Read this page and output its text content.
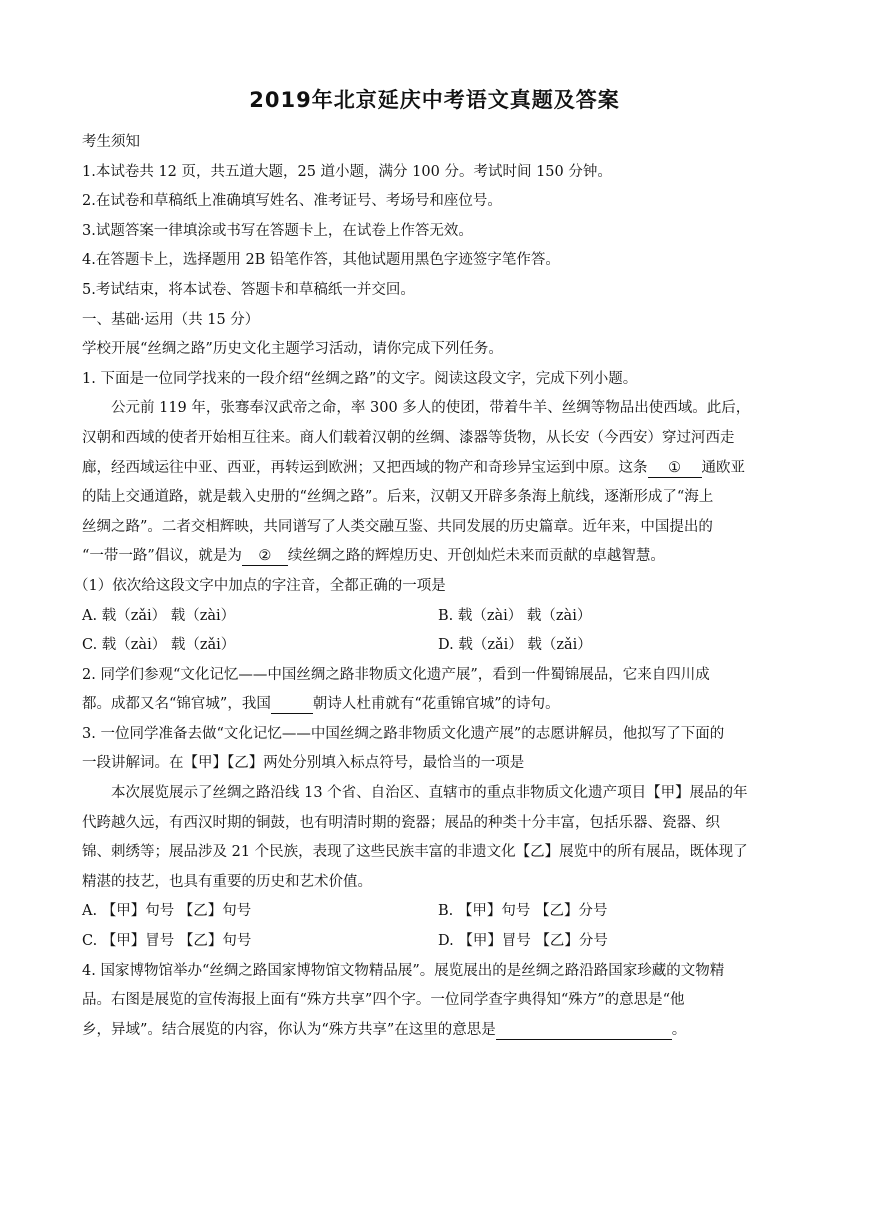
2019年北京延庆中考语文真题及答案
考生须知
1.本试卷共 12 页，共五道大题，25 道小题，满分 100 分。考试时间 150 分钟。
2.在试卷和草稿纸上准确填写姓名、准考证号、考场号和座位号。
3.试题答案一律填涂或书写在答题卡上，在试卷上作答无效。
4.在答题卡上，选择题用 2B 铅笔作答，其他试题用黑色字迹签字笔作答。
5.考试结束，将本试卷、答题卡和草稿纸一并交回。
一、基础·运用（共 15 分）
学校开展“丝绸之路”历史文化主题学习活动，请你完成下列任务。
1. 下面是一位同学找来的一段介绍“丝绸之路”的文字。阅读这段文字，完成下列小题。
公元前 119 年，张骞奉汉武帝之命，率 300 多人的使团，带着牛羊、丝绸等物品出使西域。此后，
汉朝和西域的使者开始相互往来。商人们载着汉朝的丝绸、漆器等货物，从长安（今西安）穿过河西走
廊，经西域运往中亚、西亚，再转运到欧洲；又把西域的物产和奇珍异宝运到中原。这条 ① 通欧亚
的陆上交通道路，就是载入史册的“丝绸之路”。后来，汉朝又开辟多条海上航线，逐渐形成了“海上
丝绸之路”。二者交相辉映，共同谱写了人类交融互鉴、共同发展的历史篇章。近年来，中国提出的
“一带一路”倡议，就是为 ② 续丝绸之路的辉煌历史、开创灿烂未来而贡献的卓越智慧。
（1）依次给这段文字中加点的字注音，全都正确的一项是
A. 载（zǎi） 载（zài）	B. 载（zài） 载（zài）
C. 载（zài） 载（zǎi）	D. 载（zǎi） 载（zǎi）
2. 同学们参观“文化记忆——中国丝绸之路非物质文化遗产展”，看到一件蜀锦展品，它来自四川成
都。成都又名“锦官城”，我国	朝诗人杜甫就有“花重锦官城”的诗句。
3. 一位同学准备去做“文化记忆——中国丝绸之路非物质文化遗产展”的志愿讲解员，他拟写了下面的
一段讲解词。在【甲】【乙】两处分别填入标点符号，最恰当的一项是
本次展览展示了丝绸之路沿线 13 个省、自治区、直辖市的重点非物质文化遗产项目【甲】展品的年
代跨越久远，有西汉时期的铜鼓，也有明清时期的瓷器；展品的种类十分丰富，包括乐器、瓷器、织
锦、刺绣等；展品涉及 21 个民族，表现了这些民族丰富的非遗文化【乙】展览中的所有展品，既体现了
精湛的技艺，也具有重要的历史和艺术价值。
A. 【甲】句号 【乙】句号	B. 【甲】句号 【乙】分号
C. 【甲】冒号 【乙】句号	D. 【甲】冒号 【乙】分号
4. 国家博物馆举办“丝绸之路国家博物馆文物精品展”。展览展出的是丝绸之路沿路国家珍藏的文物精
品。右图是展览的宣传海报上面有“殊方共享”四个字。一位同学查字典得知“殊方”的意思是“他
乡，异域”。结合展览的内容，你认为“殊方共享”在这里的意思是	。
